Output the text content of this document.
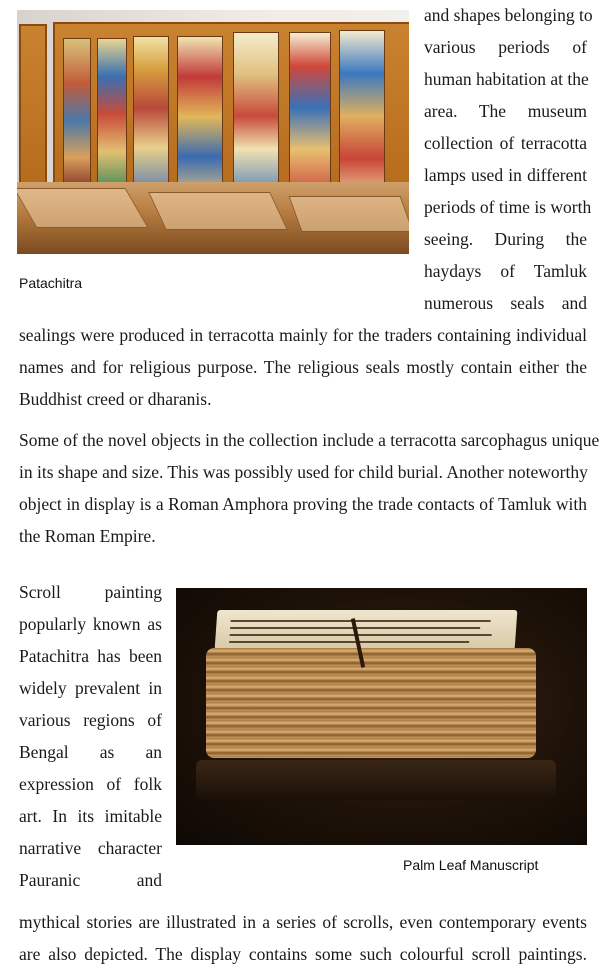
Patachitra
and shapes belonging to
various periods of
human habitation at the
area. The museum
collection of terracotta
lamps used in different
periods of time is worth
seeing. During the
haydays of Tamluk
numerous seals and
sealings were produced in terracotta mainly for the traders containing individual
names and for religious purpose. The religious seals mostly contain either the
Buddhist creed or dharanis.
Some of the novel objects in the collection include a terracotta sarcophagus unique
in its shape and size. This was possibly used for child burial. Another noteworthy
object in display is a Roman Amphora proving the trade contacts of Tamluk with
the Roman Empire.
Scroll painting
popularly known as
Patachitra has been
widely prevalent in
various regions of
Bengal as an
expression of folk
art. In its imitable
narrative character
Pauranic and
Palm Leaf Manuscript
mythical stories are illustrated in a series of scrolls, even contemporary events
are also depicted. The display contains some such colourful scroll paintings.
